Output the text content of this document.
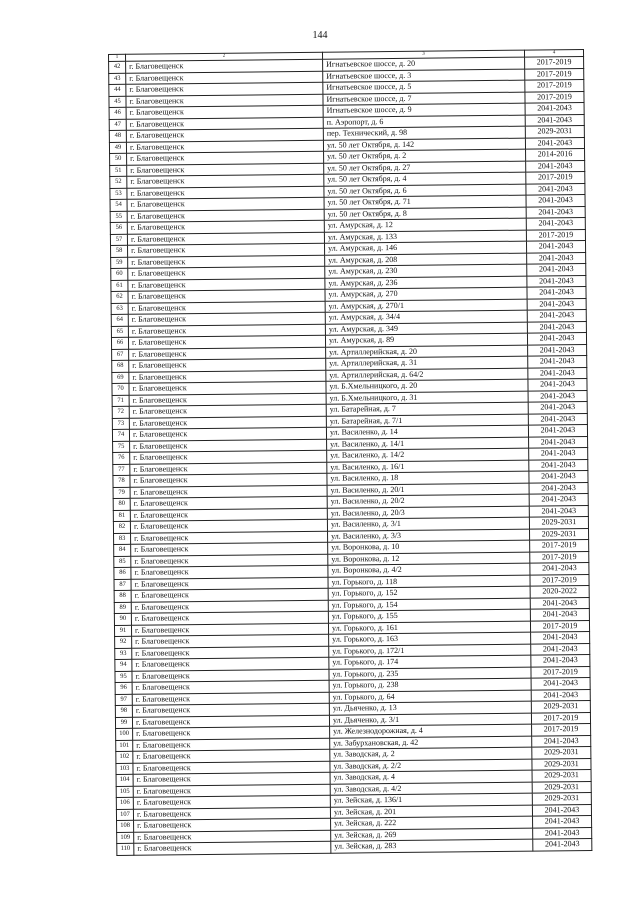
144
1	2	3	4
42	г. Благовещенск	Игнатьевское шоссе, д. 20	2017-2019
43	г. Благовещенск	Игнатьевское шоссе, д. 3	2017-2019
44	г. Благовещенск	Игнатьевское шоссе, д. 5	2017-2019
45	г. Благовещенск	Игнатьевское шоссе, д. 7	2017-2019
46	г. Благовещенск	Игнатьевское шоссе, д. 9	2041-2043
47	г. Благовещенск	п. Аэропорт, д. 6	2041-2043
48	г. Благовещенск	пер. Технический, д. 98	2029-2031
49	г. Благовещенск	ул. 50 лет Октября, д. 142	2041-2043
50	г. Благовещенск	ул. 50 лет Октября, д. 2	2014-2016
51	г. Благовещенск	ул. 50 лет Октября, д. 27	2041-2043
52	г. Благовещенск	ул. 50 лет Октября, д. 4	2017-2019
53	г. Благовещенск	ул. 50 лет Октября, д. 6	2041-2043
54	г. Благовещенск	ул. 50 лет Октября, д. 71	2041-2043
55	г. Благовещенск	ул. 50 лет Октября, д. 8	2041-2043
56	г. Благовещенск	ул. Амурская, д. 12	2041-2043
57	г. Благовещенск	ул. Амурская, д. 133	2017-2019
58	г. Благовещенск	ул. Амурская, д. 146	2041-2043
59	г. Благовещенск	ул. Амурская, д. 208	2041-2043
60	г. Благовещенск	ул. Амурская, д. 230	2041-2043
61	г. Благовещенск	ул. Амурская, д. 236	2041-2043
62	г. Благовещенск	ул. Амурская, д. 270	2041-2043
63	г. Благовещенск	ул. Амурская, д. 270/1	2041-2043
64	г. Благовещенск	ул. Амурская, д. 34/4	2041-2043
65	г. Благовещенск	ул. Амурская, д. 349	2041-2043
66	г. Благовещенск	ул. Амурская, д. 89	2041-2043
67	г. Благовещенск	ул. Артиллерийская, д. 20	2041-2043
68	г. Благовещенск	ул. Артиллерийская, д. 31	2041-2043
69	г. Благовещенск	ул. Артиллерийская, д. 64/2	2041-2043
70	г. Благовещенск	ул. Б.Хмельницкого, д. 20	2041-2043
71	г. Благовещенск	ул. Б.Хмельницкого, д. 31	2041-2043
72	г. Благовещенск	ул. Батарейная, д. 7	2041-2043
73	г. Благовещенск	ул. Батарейная, д. 7/1	2041-2043
74	г. Благовещенск	ул. Василенко, д. 14	2041-2043
75	г. Благовещенск	ул. Василенко, д. 14/1	2041-2043
76	г. Благовещенск	ул. Василенко, д. 14/2	2041-2043
77	г. Благовещенск	ул. Василенко, д. 16/1	2041-2043
78	г. Благовещенск	ул. Василенко, д. 18	2041-2043
79	г. Благовещенск	ул. Василенко, д. 20/1	2041-2043
80	г. Благовещенск	ул. Василенко, д. 20/2	2041-2043
81	г. Благовещенск	ул. Василенко, д. 20/3	2041-2043
82	г. Благовещенск	ул. Василенко, д. 3/1	2029-2031
83	г. Благовещенск	ул. Василенко, д. 3/3	2029-2031
84	г. Благовещенск	ул. Воронкова, д. 10	2017-2019
85	г. Благовещенск	ул. Воронкова, д. 12	2017-2019
86	г. Благовещенск	ул. Воронкова, д. 4/2	2041-2043
87	г. Благовещенск	ул. Горького, д. 118	2017-2019
88	г. Благовещенск	ул. Горького, д. 152	2020-2022
89	г. Благовещенск	ул. Горького, д. 154	2041-2043
90	г. Благовещенск	ул. Горького, д. 155	2041-2043
91	г. Благовещенск	ул. Горького, д. 161	2017-2019
92	г. Благовещенск	ул. Горького, д. 163	2041-2043
93	г. Благовещенск	ул. Горького, д. 172/1	2041-2043
94	г. Благовещенск	ул. Горького, д. 174	2041-2043
95	г. Благовещенск	ул. Горького, д. 235	2017-2019
96	г. Благовещенск	ул. Горького, д. 238	2041-2043
97	г. Благовещенск	ул. Горького, д. 64	2041-2043
98	г. Благовещенск	ул. Дьяченко, д. 13	2029-2031
99	г. Благовещенск	ул. Дьяченко, д. 3/1	2017-2019
100	г. Благовещенск	ул. Железнодорожная, д. 4	2017-2019
101	г. Благовещенск	ул. Забурхановская, д. 42	2041-2043
102	г. Благовещенск	ул. Заводская, д. 2	2029-2031
103	г. Благовещенск	ул. Заводская, д. 2/2	2029-2031
104	г. Благовещенск	ул. Заводская, д. 4	2029-2031
105	г. Благовещенск	ул. Заводская, д. 4/2	2029-2031
106	г. Благовещенск	ул. Зейская, д. 136/1	2029-2031
107	г. Благовещенск	ул. Зейская, д. 201	2041-2043
108	г. Благовещенск	ул. Зейская, д. 222	2041-2043
109	г. Благовещенск	ул. Зейская, д. 269	2041-2043
110	г. Благовещенск	ул. Зейская, д. 283	2041-2043
